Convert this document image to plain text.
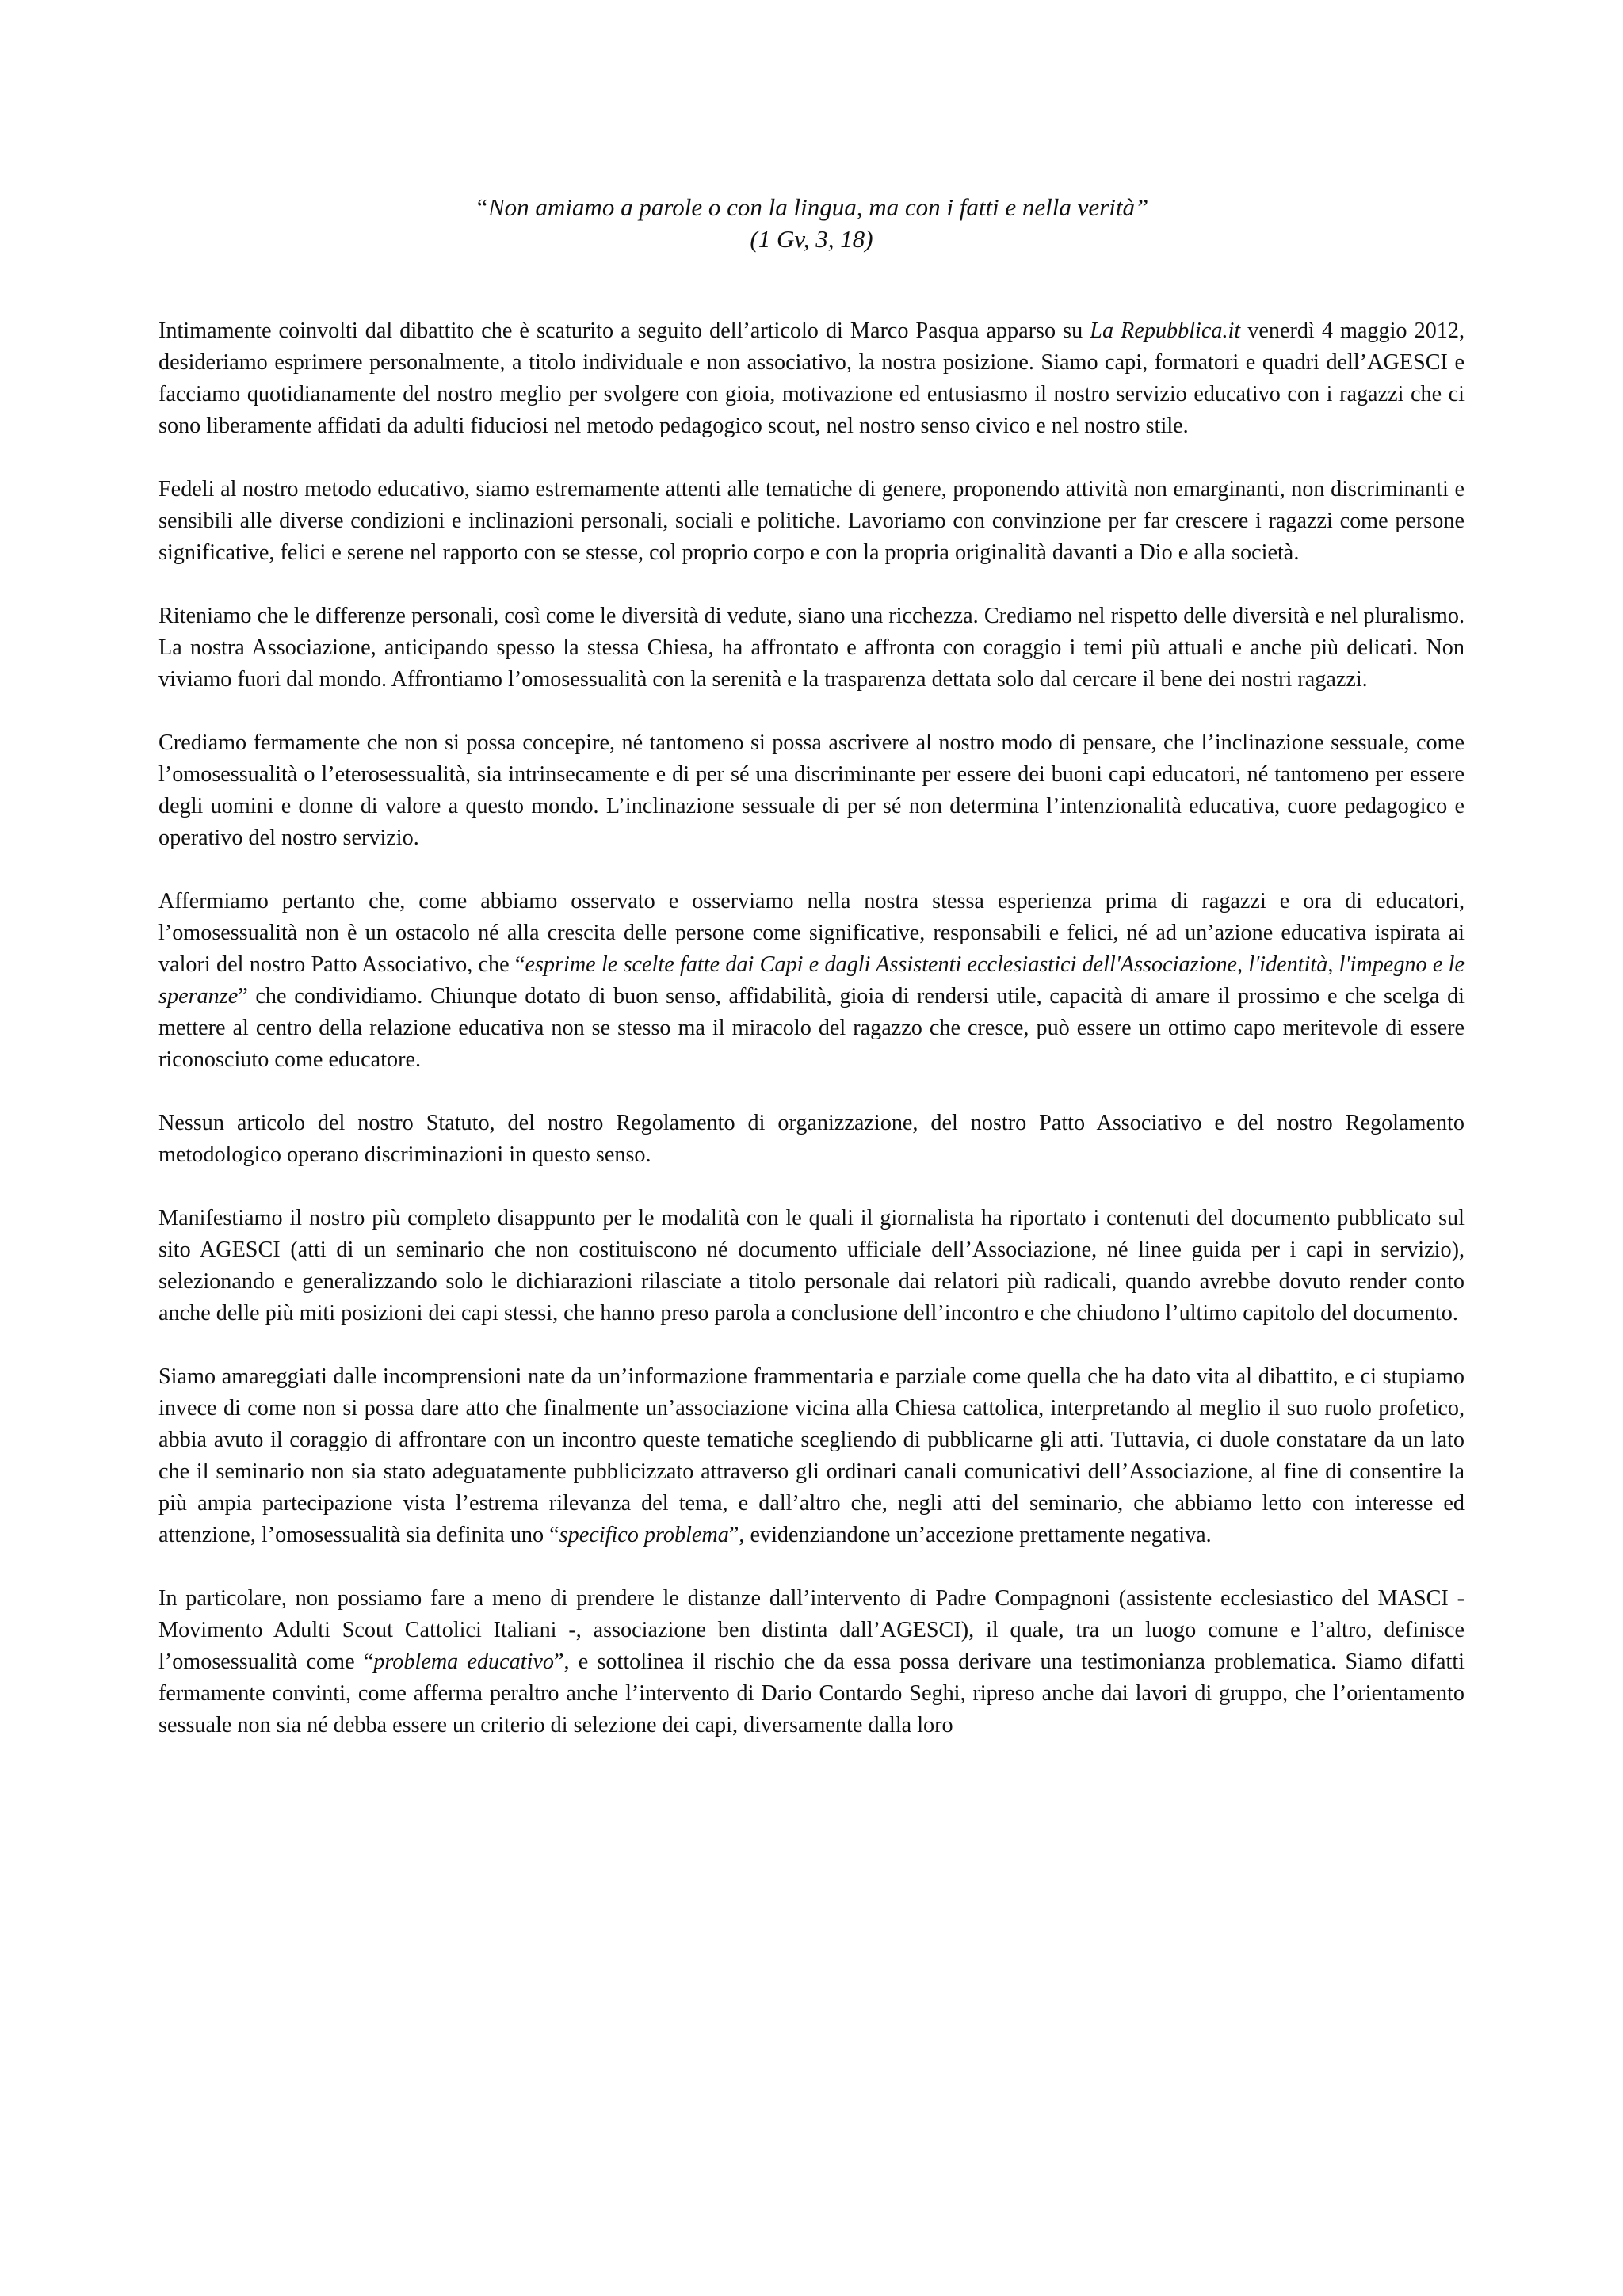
“Non amiamo a parole o con la lingua, ma con i fatti e nella verità”
(1 Gv, 3, 18)

Intimamente coinvolti dal dibattito che è scaturito a seguito dell’articolo di Marco Pasqua apparso su La Repubblica.it venerdì 4 maggio 2012, desideriamo esprimere personalmente, a titolo individuale e non associativo, la nostra posizione. Siamo capi, formatori e quadri dell’AGESCI e facciamo quotidianamente del nostro meglio per svolgere con gioia, motivazione ed entusiasmo il nostro servizio educativo con i ragazzi che ci sono liberamente affidati da adulti fiduciosi nel metodo pedagogico scout, nel nostro senso civico e nel nostro stile.

Fedeli al nostro metodo educativo, siamo estremamente attenti alle tematiche di genere, proponendo attività non emarginanti, non discriminanti e sensibili alle diverse condizioni e inclinazioni personali, sociali e politiche. Lavoriamo con convinzione per far crescere i ragazzi come persone significative, felici e serene nel rapporto con se stesse, col proprio corpo e con la propria originalità davanti a Dio e alla società.

Riteniamo che le differenze personali, così come le diversità di vedute, siano una ricchezza. Crediamo nel rispetto delle diversità e nel pluralismo. La nostra Associazione, anticipando spesso la stessa Chiesa, ha affrontato e affronta con coraggio i temi più attuali e anche più delicati. Non viviamo fuori dal mondo. Affrontiamo l’omosessualità con la serenità e la trasparenza dettata solo dal cercare il bene dei nostri ragazzi.

Crediamo fermamente che non si possa concepire, né tantomeno si possa ascrivere al nostro modo di pensare, che l’inclinazione sessuale, come l’omosessualità o l’eterosessualità, sia intrinsecamente e di per sé una discriminante per essere dei buoni capi educatori, né tantomeno per essere degli uomini e donne di valore a questo mondo. L’inclinazione sessuale di per sé non determina l’intenzionalità educativa, cuore pedagogico e operativo del nostro servizio.

Affermiamo pertanto che, come abbiamo osservato e osserviamo nella nostra stessa esperienza prima di ragazzi e ora di educatori, l’omosessualità non è un ostacolo né alla crescita delle persone come significative, responsabili e felici, né ad un’azione educativa ispirata ai valori del nostro Patto Associativo, che “esprime le scelte fatte dai Capi e dagli Assistenti ecclesiastici dell'Associazione, l'identità, l'impegno e le speranze” che condividiamo. Chiunque dotato di buon senso, affidabilità, gioia di rendersi utile, capacità di amare il prossimo e che scelga di mettere al centro della relazione educativa non se stesso ma il miracolo del ragazzo che cresce, può essere un ottimo capo meritevole di essere riconosciuto come educatore.

Nessun articolo del nostro Statuto, del nostro Regolamento di organizzazione, del nostro Patto Associativo e del nostro Regolamento metodologico operano discriminazioni in questo senso.

Manifestiamo il nostro più completo disappunto per le modalità con le quali il giornalista ha riportato i contenuti del documento pubblicato sul sito AGESCI (atti di un seminario che non costituiscono né documento ufficiale dell’Associazione, né linee guida per i capi in servizio), selezionando e generalizzando solo le dichiarazioni rilasciate a titolo personale dai relatori più radicali, quando avrebbe dovuto render conto anche delle più miti posizioni dei capi stessi, che hanno preso parola a conclusione dell’incontro e che chiudono l’ultimo capitolo del documento.

Siamo amareggiati dalle incomprensioni nate da un’informazione frammentaria e parziale come quella che ha dato vita al dibattito, e ci stupiamo invece di come non si possa dare atto che finalmente un’associazione vicina alla Chiesa cattolica, interpretando al meglio il suo ruolo profetico, abbia avuto il coraggio di affrontare con un incontro queste tematiche scegliendo di pubblicarne gli atti. Tuttavia, ci duole constatare da un lato che il seminario non sia stato adeguatamente pubblicizzato attraverso gli ordinari canali comunicativi dell’Associazione, al fine di consentire la più ampia partecipazione vista l’estrema rilevanza del tema, e dall’altro che, negli atti del seminario, che abbiamo letto con interesse ed attenzione, l’omosessualità sia definita uno “specifico problema”, evidenziandone un’accezione prettamente negativa.

In particolare, non possiamo fare a meno di prendere le distanze dall’intervento di Padre Compagnoni (assistente ecclesiastico del MASCI - Movimento Adulti Scout Cattolici Italiani -, associazione ben distinta dall’AGESCI), il quale, tra un luogo comune e l’altro, definisce l’omosessualità come “problema educativo”, e sottolinea il rischio che da essa possa derivare una testimonianza problematica. Siamo difatti fermamente convinti, come afferma peraltro anche l’intervento di Dario Contardo Seghi, ripreso anche dai lavori di gruppo, che l’orientamento sessuale non sia né debba essere un criterio di selezione dei capi, diversamente dalla loro
